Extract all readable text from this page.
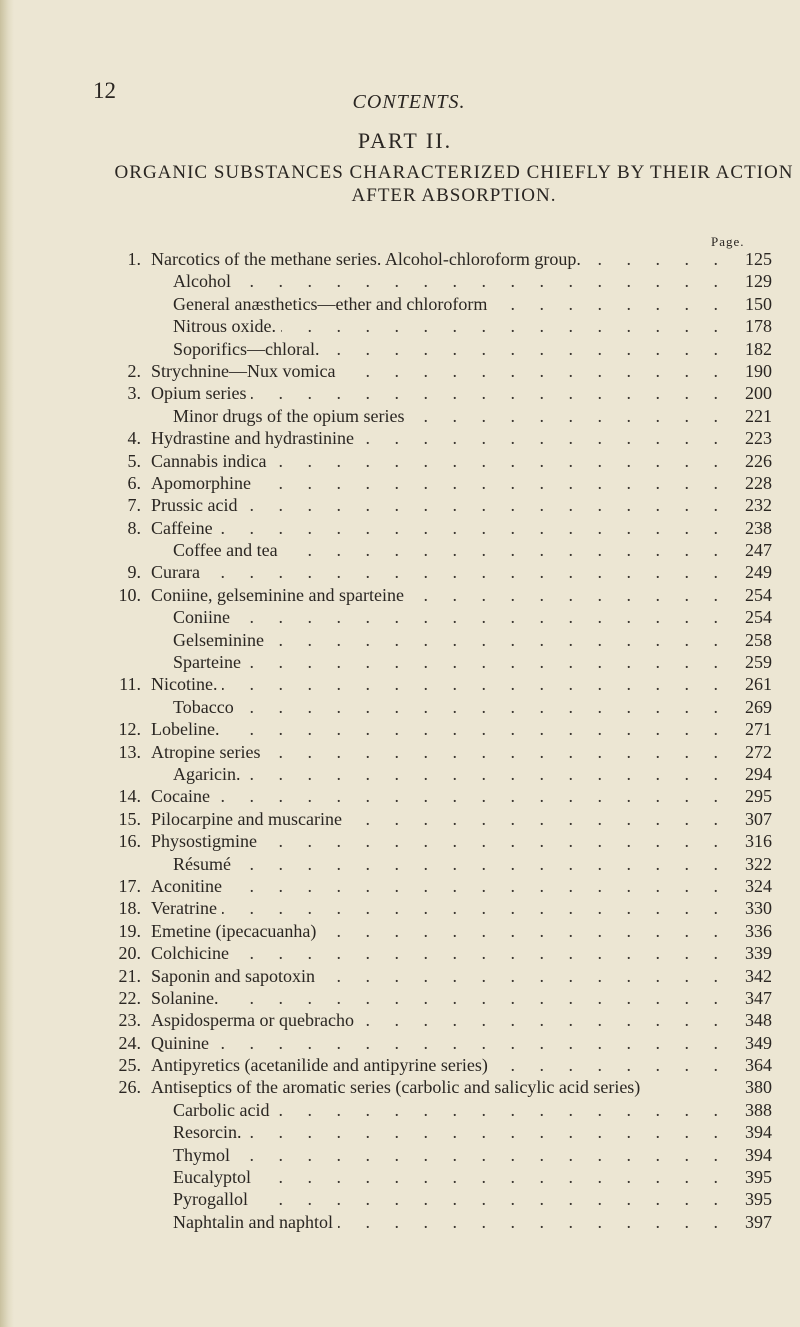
12	CONTENTS.
PART II.
ORGANIC SUBSTANCES CHARACTERIZED CHIEFLY BY THEIR ACTION AFTER ABSORPTION.
Page.
1. Narcotics of the methane series. Alcohol-chloroform group. . . .	125
Alcohol . . .	129
General anæsthetics—ether and chloroform . . .	150
Nitrous oxide. . . .	178
Soporifics—chloral. . . .	182
2. Strychnine—Nux vomica . . .	190
3. Opium series . . .	200
Minor drugs of the opium series . . .	221
4. Hydrastine and hydrastinine . . .	223
5. Cannabis indica . . .	226
6. Apomorphine . . .	228
7. Prussic acid . . .	232
8. Caffeine . . .	238
Coffee and tea . . .	247
9. Curara . . .	249
10. Coniine, gelseminine and sparteine . . .	254
Coniine . . .	254
Gelseminine . . .	258
Sparteine . . .	259
11. Nicotine. . . .	261
Tobacco . . .	269
12. Lobeline. . . .	271
13. Atropine series . . .	272
Agaricin. . . .	294
14. Cocaine . . .	295
15. Pilocarpine and muscarine . . .	307
16. Physostigmine . . .	316
Résumé . . .	322
17. Aconitine . . .	324
18. Veratrine . . .	330
19. Emetine (ipecacuanha) . . .	336
20. Colchicine . . .	339
21. Saponin and sapotoxin . . .	342
22. Solanine. . . .	347
23. Aspidosperma or quebracho . . .	348
24. Quinine . . .	349
25. Antipyretics (acetanilide and antipyrine series) . . .	364
26. Antiseptics of the aromatic series (carbolic and salicylic acid series)	380
Carbolic acid . . .	388
Resorcin. . . .	394
Thymol . . .	394
Eucalyptol . . .	395
Pyrogallol . . .	395
Naphtalin and naphtol . . .	397
